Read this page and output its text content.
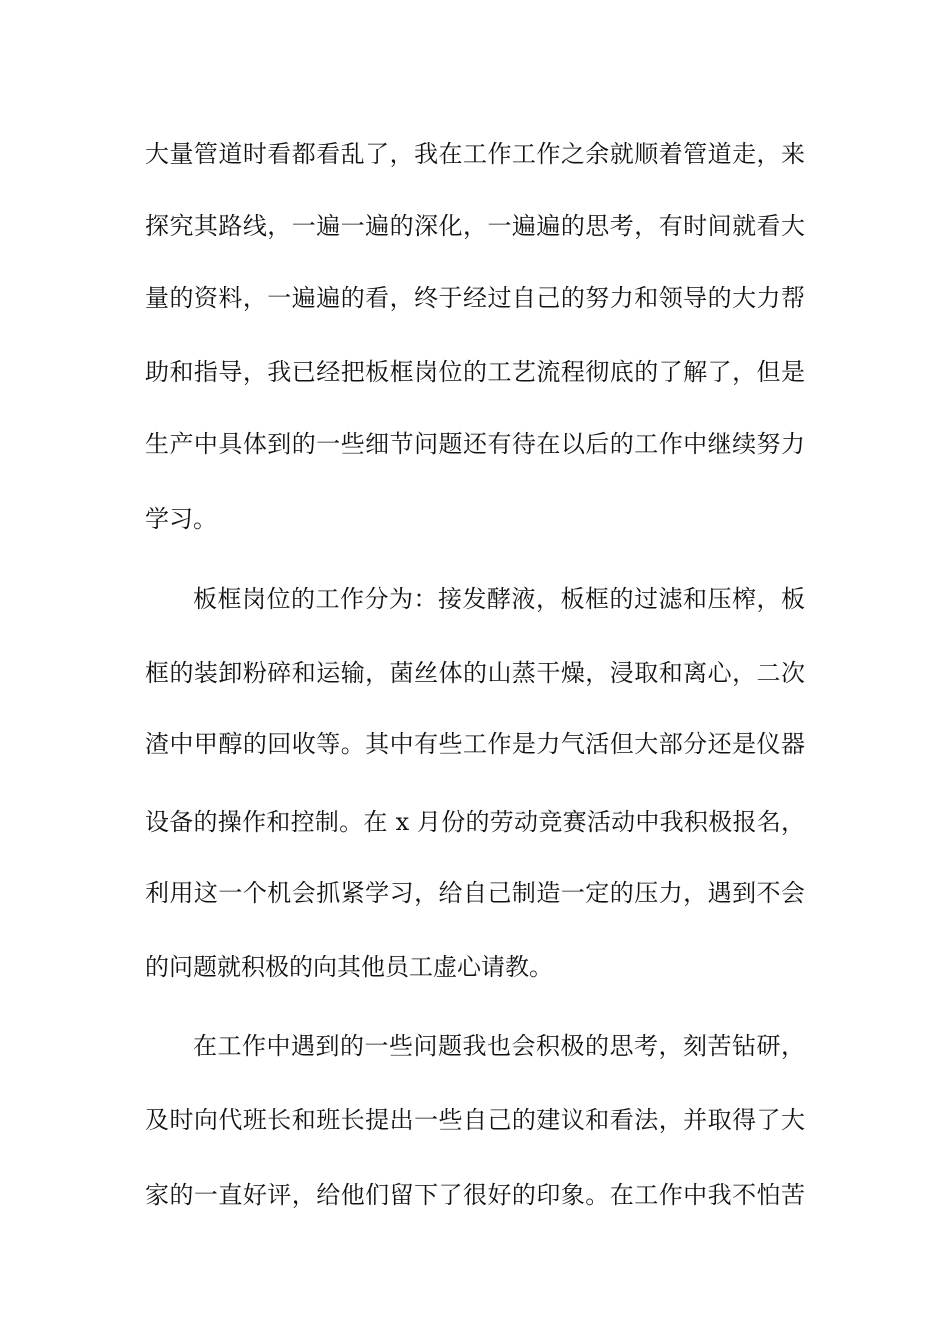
大量管道时看都看乱了，我在工作工作之余就顺着管道走，来
探究其路线，一遍一遍的深化，一遍遍的思考，有时间就看大
量的资料，一遍遍的看，终于经过自己的努力和领导的大力帮
助和指导，我已经把板框岗位的工艺流程彻底的了解了，但是
生产中具体到的一些细节问题还有待在以后的工作中继续努力
学习。
板框岗位的工作分为：接发酵液，板框的过滤和压榨，板
框的装卸粉碎和运输，菌丝体的山蒸干燥，浸取和离心，二次
渣中甲醇的回收等。其中有些工作是力气活但大部分还是仪器
设备的操作和控制。在 x 月份的劳动竞赛活动中我积极报名，
利用这一个机会抓紧学习，给自己制造一定的压力，遇到不会
的问题就积极的向其他员工虚心请教。
在工作中遇到的一些问题我也会积极的思考，刻苦钻研，
及时向代班长和班长提出一些自己的建议和看法，并取得了大
家的一直好评，给他们留下了很好的印象。在工作中我不怕苦
